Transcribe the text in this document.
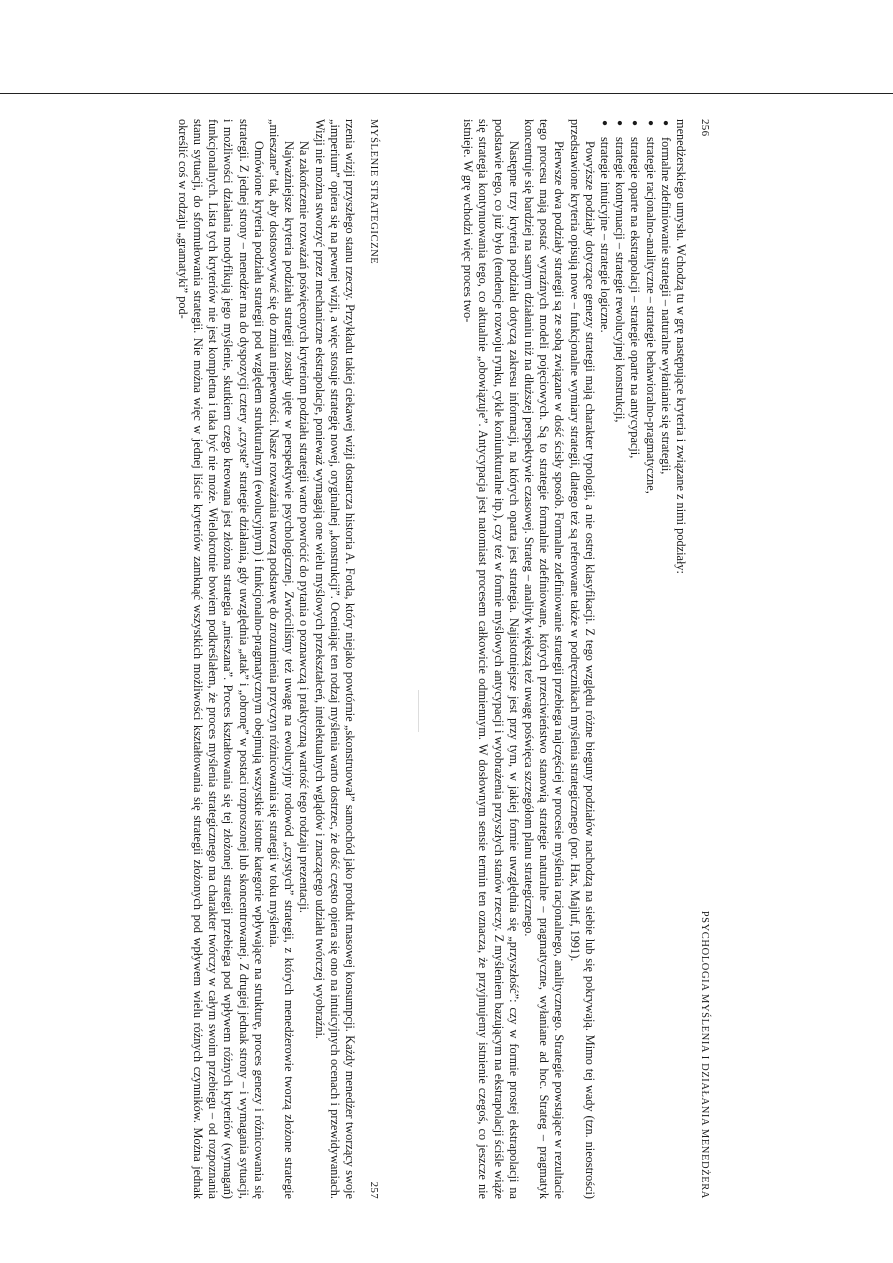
256
PSYCHOLOGIA MYŚLENIA I DZIAŁANIA MENEDŻERA

menedżerskiego umysłu. Wchodzą tu w grę następujące kryteria i związane z nimi podziały:

● formalne zdefiniowanie strategii – naturalne wyłanianie się strategii,
● strategie racjonalno-analityczne – strategie behawioralno-pragmatyczne,
● strategie oparte na ekstrapolacji – strategie oparte na antycypacji,
● strategie kontynuacji – strategie rewolucyjnej konstrukcji,
● strategie intuicyjne – strategie logiczne.

Powyższe podziały dotyczące genezy strategii mają charakter typologii, a nie ostrej klasyfikacji. Z tego względu różne bieguny podziałów nachodzą na siebie lub się pokrywają. Mimo tej wady (tzn. nieostrości) przedstawione kryteria opisują nowe – funkcjonalne wymiary strategii, dlatego też są referowane także w podręcznikach myślenia strategicznego (por. Hax, Majluf, 1991).

Pierwsze dwa podziały strategii są ze sobą związane w dość ścisły sposób. Formalne zdefiniowanie strategii przebiega najczęściej w procesie myślenia racjonalnego, analitycznego. Strategie powstające w rezultacie tego procesu mają postać wyraźnych modeli pojęciowych. Są to strategie formalnie zdefiniowane, których przeciwieństwo stanowią strategie naturalne – pragmatyczne, wyłaniane ad hoc. Strateg – pragmatyk koncentruje się bardziej na samym działaniu niż na dłuższej perspektywie czasowej. Strateg – analityk większą też uwagę poświęca szczegółom planu strategicznego.

Następne trzy kryteria podziału dotyczą zakresu informacji, na których oparta jest strategia. Najistotniejsze jest przy tym, w jakiej formie uwzględnia się „przyszłość”: czy w formie prostej ekstrapolacji na podstawie tego, co już było (tendencje rozwoju rynku, cykle koniunkturalne itp.), czy też w formie myślowych antycypacji i wyobrażenia przyszłych stanów rzeczy. Z myśleniem bazującym na ekstrapolacji ściśle wiąże się strategia kontynuowania tego, co aktualnie „obowiązuje”. Antycypacja jest natomiast procesem całkowicie odmiennym. W dosłownym sensie termin ten oznacza, że przyjmujemy istnienie czegoś, co jeszcze nie istnieje. W grę wchodzi więc proces two-

MYŚLENIE STRATEGICZNE
257

rzenia wizji przyszłego stanu rzeczy. Przykładu takiej ciekawej wizji dostarcza historia A. Forda, który niejako powtórnie „skonstruował” samochód jako produkt masowej konsumpcji. Każdy menedżer tworzący swoje „imperium” opiera się na pewnej wizji, a więc stosuje strategię nowej, oryginalnej „konstrukcji”. Oceniając ten rodzaj myślenia warto dostrzec, że dość często opiera się ono na intuicyjnych ocenach i przewidywaniach. Wizji nie można stworzyć przez mechaniczne ekstrapolacje, ponieważ wymagają one wielu myślowych przekształceń, intelektualnych wglądów i znaczącego udziału twórczej wyobraźni.

Na zakończenie rozważań poświęconych kryteriom podziału strategii warto powrócić do pytania o poznawczą i praktyczną wartość tego rodzaju prezentacji.

Najważniejsze kryteria podziału strategii zostały ujęte w perspektywie psychologicznej. Zwróciliśmy też uwagę na ewolucyjny rodowód „czystych” strategii, z których menedżerowie tworzą złożone strategie „mieszane” tak, aby dostosowywać się do zmian niepewności. Nasze rozważania tworzą podstawę do zrozumienia przyczyn różnicowania się strategii w toku myślenia.

Omówione kryteria podziału strategii pod względem strukturalnym (ewolucyjnym) i funkcjonalno-pragmatycznym obejmują wszystkie istotne kategorie wpływające na strukturę, proces genezy i różnicowania się strategii. Z jednej strony – menedżer ma do dyspozycji cztery „czyste” strategie działania, gdy uwzględnia „atak” i „obronę” w postaci rozproszonej lub skoncentrowanej. Z drugiej jednak strony – i wymagania sytuacji, i możliwości działania modyfikują jego myślenie, skutkiem czego kreowana jest złożona strategia „mieszana”. Proces kształtowania się tej złożonej strategii przebiega pod wpływem różnych kryteriów (wymagań) funkcjonalnych. Lista tych kryteriów nie jest kompletna i taka być nie może. Wielokrotnie bowiem podkreślałem, że proces myślenia strategicznego ma charakter twórczy w całym swoim przebiegu – od rozpoznania stanu sytuacji, do sformułowania strategii. Nie można więc w jednej liście kryteriów zamknąć wszystkich możliwości kształtowania się strategii złożonych pod wpływem wielu różnych czynników. Można jednak określić coś w rodzaju „gramatyki” pod-
